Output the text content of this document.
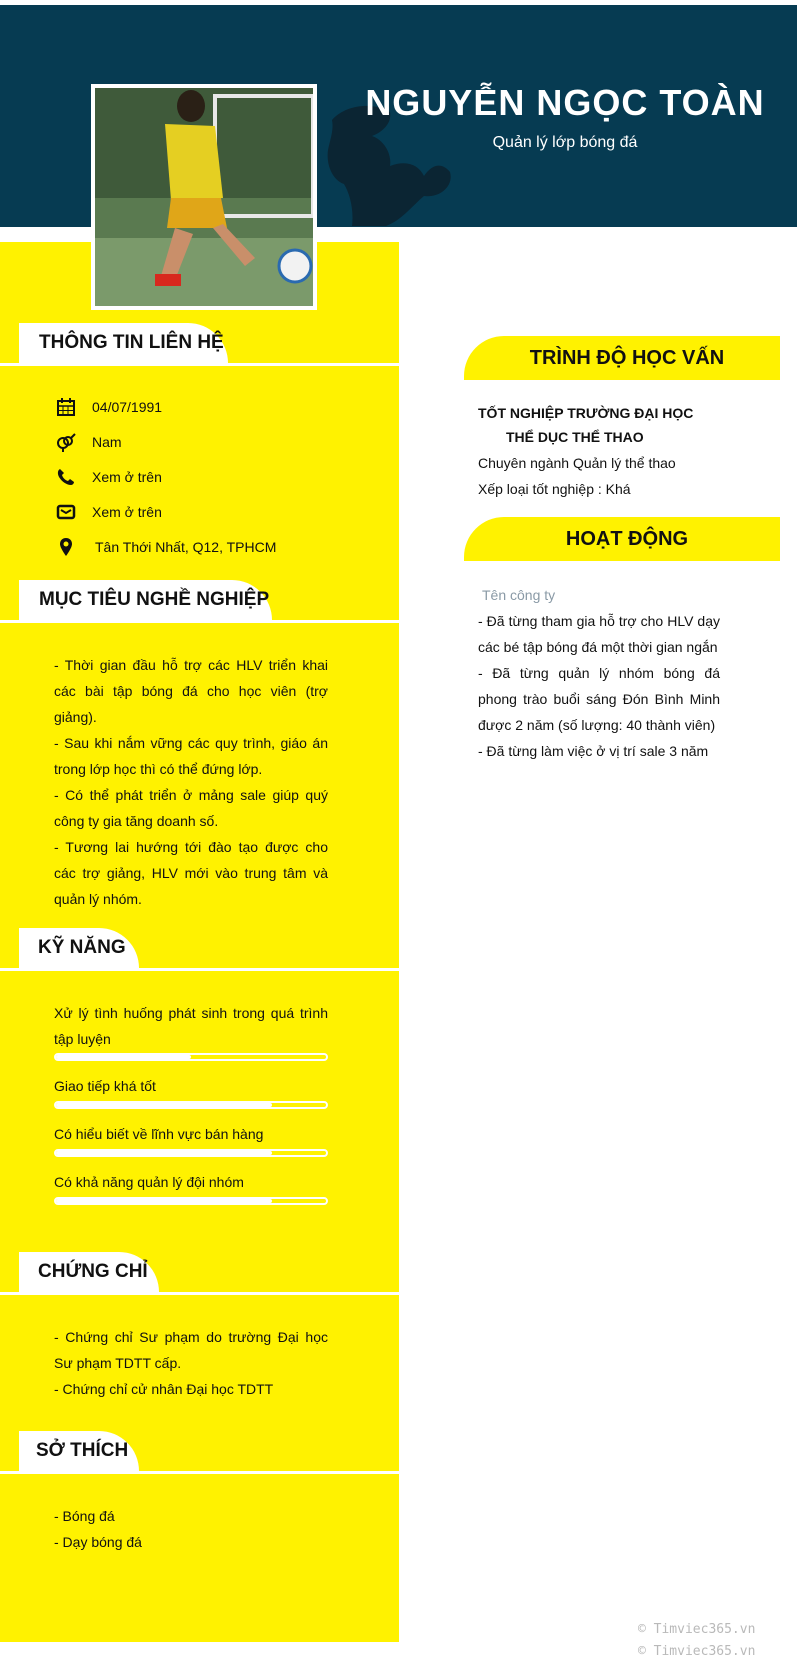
NGUYỄN NGỌC TOÀN
Quản lý lớp bóng đá
THÔNG TIN LIÊN HỆ
04/07/1991
Nam
Xem ở trên
Xem ở trên
Tân Thới Nhất, Q12, TPHCM
MỤC TIÊU NGHỀ NGHIỆP
- Thời gian đầu hỗ trợ các HLV triển khai các bài tập bóng đá cho học viên (trợ giảng).
- Sau khi nắm vững các quy trình, giáo án trong lớp học thì có thể đứng lớp.
- Có thể phát triển ở mảng sale giúp quý công ty gia tăng doanh số.
- Tương lai hướng tới đào tạo được cho các trợ giảng, HLV mới vào trung tâm và quản lý nhóm.
KỸ NĂNG
Xử lý tình huống phát sinh trong quá trình tập luyện
Giao tiếp khá tốt
Có hiểu biết về lĩnh vực bán hàng
Có khả năng quản lý đội nhóm
CHỨNG CHỈ
- Chứng chỉ Sư phạm do trường Đại học Sư phạm TDTT cấp.
- Chứng chỉ cử nhân Đại học TDTT
SỞ THÍCH
- Bóng đá
- Dạy bóng đá
TRÌNH ĐỘ HỌC VẤN
TỐT NGHIỆP TRƯỜNG ĐẠI HỌC
THỂ DỤC THỂ THAO
Chuyên ngành Quản lý thể thao
Xếp loại tốt nghiệp : Khá
HOẠT ĐỘNG
Tên công ty
- Đã từng tham gia hỗ trợ cho HLV dạy các bé tập bóng đá một thời gian ngắn
- Đã từng quản lý nhóm bóng đá phong trào buổi sáng Đón Bình Minh được 2 năm (số lượng: 40 thành viên)
- Đã từng làm việc ở vị trí sale 3 năm
© Timviec365.vn
© Timviec365.vn
